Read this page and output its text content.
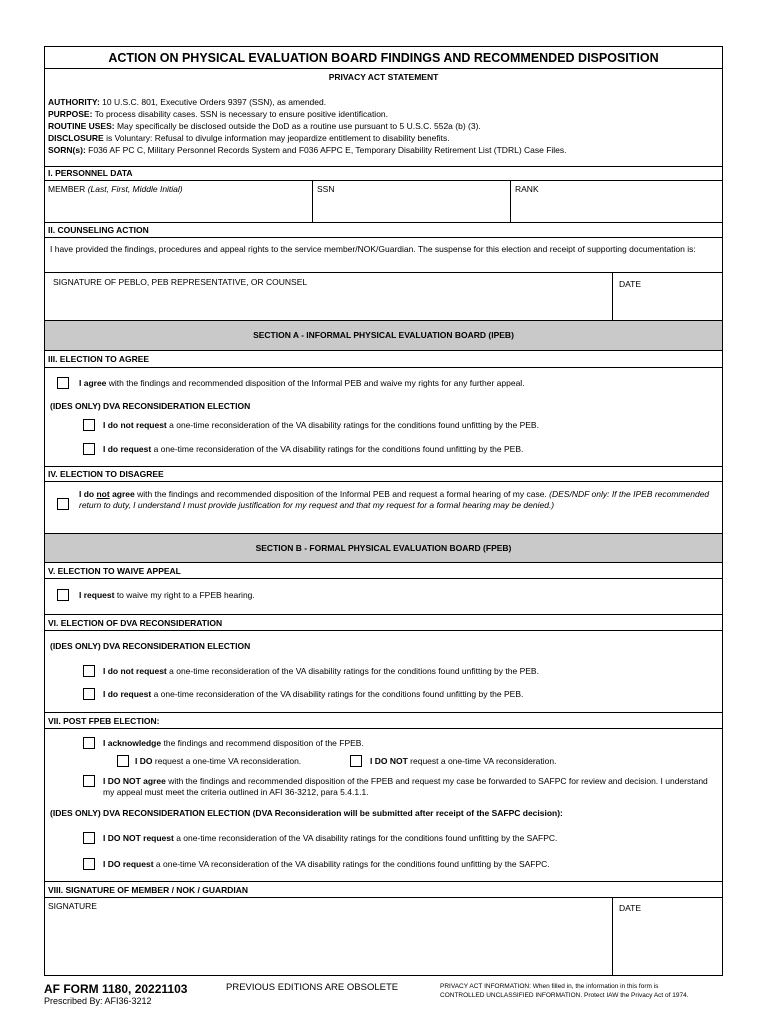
ACTION ON PHYSICAL EVALUATION BOARD FINDINGS AND RECOMMENDED DISPOSITION
PRIVACY ACT STATEMENT
AUTHORITY: 10 U.S.C. 801, Executive Orders 9397 (SSN), as amended.
PURPOSE: To process disability cases. SSN is necessary to ensure positive identification.
ROUTINE USES: May specifically be disclosed outside the DoD as a routine use pursuant to 5 U.S.C. 552a (b) (3).
DISCLOSURE is Voluntary: Refusal to divulge information may jeopardize entitlement to disability benefits.
SORN(s): F036 AF PC C, Military Personnel Records System and F036 AFPC E, Temporary Disability Retirement List (TDRL) Case Files.
I. PERSONNEL DATA
MEMBER (Last, First, Middle Initial)	SSN	RANK
II. COUNSELING ACTION
I have provided the findings, procedures and appeal rights to the service member/NOK/Guardian. The suspense for this election and receipt of supporting documentation is:
SIGNATURE OF PEBLO, PEB REPRESENTATIVE, OR COUNSEL	DATE
SECTION A - INFORMAL PHYSICAL EVALUATION BOARD (IPEB)
III. ELECTION TO AGREE
I agree with the findings and recommended disposition of the Informal PEB and waive my rights for any further appeal.
(IDES ONLY) DVA RECONSIDERATION ELECTION
I do not request a one-time reconsideration of the VA disability ratings for the conditions found unfitting by the PEB.
I do request a one-time reconsideration of the VA disability ratings for the conditions found unfitting by the PEB.
IV. ELECTION TO DISAGREE
I do not agree with the findings and recommended disposition of the Informal PEB and request a formal hearing of my case. (DES/NDF only: If the IPEB recommended return to duty, I understand I must provide justification for my request and that my request for a formal hearing may be denied.)
SECTION B - FORMAL PHYSICAL EVALUATION BOARD (FPEB)
V. ELECTION TO WAIVE APPEAL
I request to waive my right to a FPEB hearing.
VI. ELECTION OF DVA RECONSIDERATION
(IDES ONLY) DVA RECONSIDERATION ELECTION
I do not request a one-time reconsideration of the VA disability ratings for the conditions found unfitting by the PEB.
I do request a one-time reconsideration of the VA disability ratings for the conditions found unfitting by the PEB.
VII. POST FPEB ELECTION:
I acknowledge the findings and recommend disposition of the FPEB.
I DO request a one-time VA reconsideration.	I DO NOT request a one-time VA reconsideration.
I DO NOT agree with the findings and recommended disposition of the FPEB and request my case be forwarded to SAFPC for review and decision. I understand my appeal must meet the criteria outlined in AFI 36-3212, para 5.4.1.1.
(IDES ONLY) DVA RECONSIDERATION ELECTION (DVA Reconsideration will be submitted after receipt of the SAFPC decision):
I DO NOT request a one-time reconsideration of the VA disability ratings for the conditions found unfitting by the SAFPC.
I DO request a one-time VA reconsideration of the VA disability ratings for the conditions found unfitting by the SAFPC.
VIII. SIGNATURE OF MEMBER / NOK / GUARDIAN
SIGNATURE	DATE
AF FORM 1180, 20221103
Prescribed By: AFI36-3212
PREVIOUS EDITIONS ARE OBSOLETE	PRIVACY ACT INFORMATION: When filled in, the information in this form is
CONTROLLED UNCLASSIFIED INFORMATION. Protect IAW the Privacy Act of 1974.
